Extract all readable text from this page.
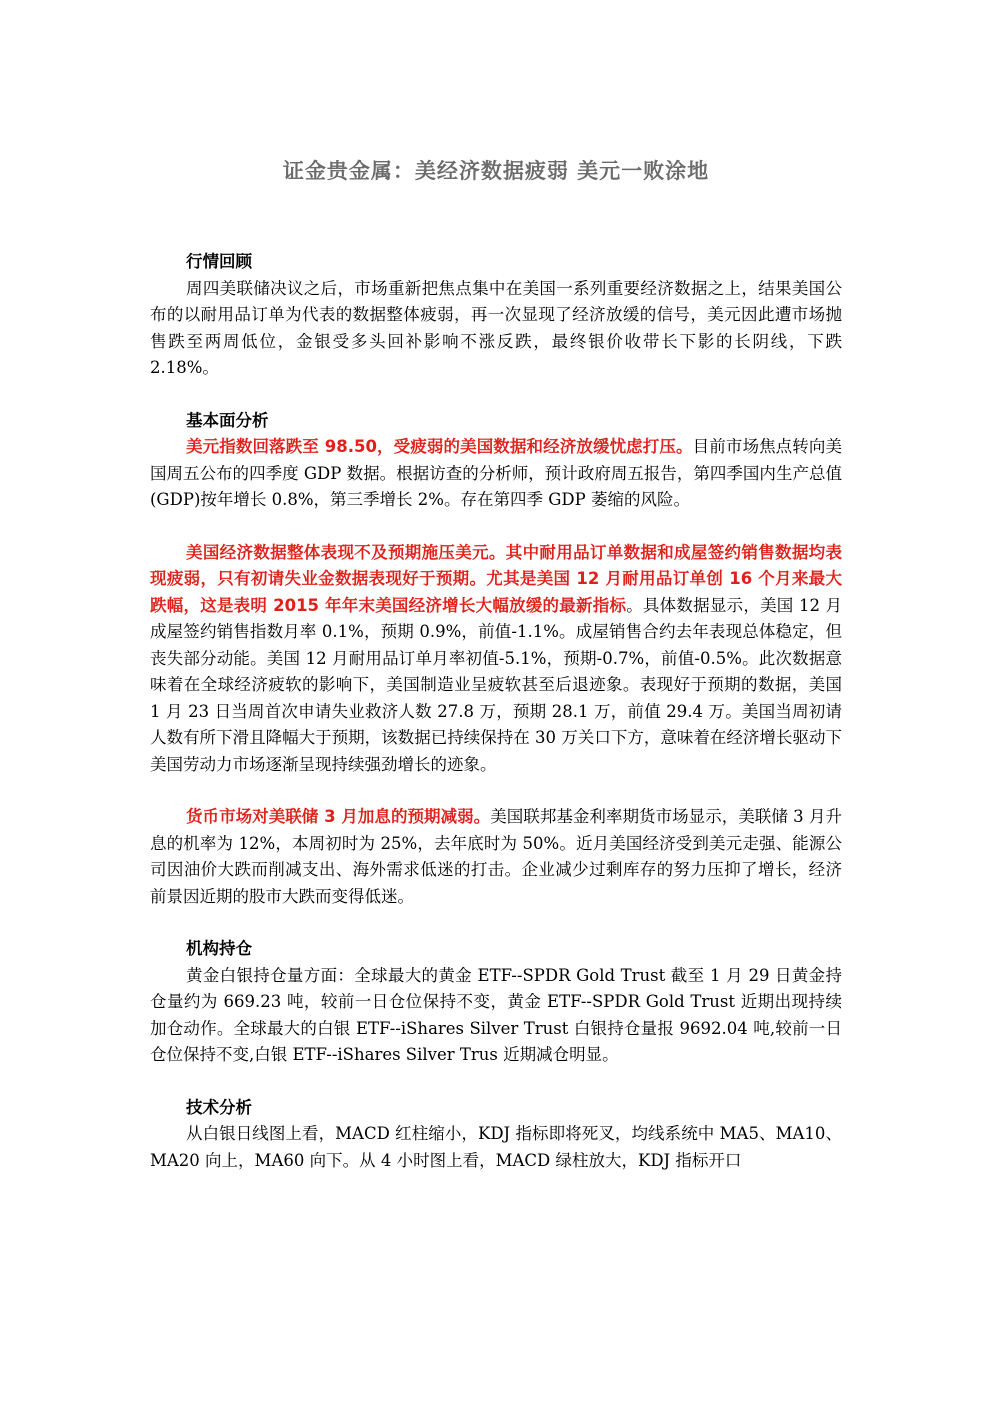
证金贵金属：美经济数据疲弱 美元一败涂地
行情回顾

周四美联储决议之后，市场重新把焦点集中在美国一系列重要经济数据之上，结果美国公布的以耐用品订单为代表的数据整体疲弱，再一次显现了经济放缓的信号，美元因此遭市场抛售跌至两周低位，金银受多头回补影响不涨反跌，最终银价收带长下影的长阴线，下跌 2.18%。

基本面分析

美元指数回落跌至 98.50，受疲弱的美国数据和经济放缓忧虑打压。目前市场焦点转向美国周五公布的四季度 GDP 数据。根据访查的分析师，预计政府周五报告，第四季国内生产总值(GDP)按年增长 0.8%，第三季增长 2%。存在第四季 GDP 萎缩的风险。

美国经济数据整体表现不及预期施压美元。其中耐用品订单数据和成屋签约销售数据均表现疲弱，只有初请失业金数据表现好于预期。尤其是美国 12 月耐用品订单创 16 个月来最大跌幅，这是表明 2015 年年末美国经济增长大幅放缓的最新指标。具体数据显示，美国 12 月成屋签约销售指数月率 0.1%，预期 0.9%，前值-1.1%。成屋销售合约去年表现总体稳定，但丧失部分动能。美国 12 月耐用品订单月率初值-5.1%，预期-0.7%，前值-0.5%。此次数据意味着在全球经济疲软的影响下，美国制造业呈疲软甚至后退迹象。表现好于预期的数据，美国 1 月 23 日当周首次申请失业救济人数 27.8 万，预期 28.1 万，前值 29.4 万。美国当周初请人数有所下滑且降幅大于预期，该数据已持续保持在 30 万关口下方，意味着在经济增长驱动下美国劳动力市场逐渐呈现持续强劲增长的迹象。

货币市场对美联储 3 月加息的预期减弱。美国联邦基金利率期货市场显示，美联储 3 月升息的机率为 12%，本周初时为 25%，去年底时为 50%。近月美国经济受到美元走强、能源公司因油价大跌而削减支出、海外需求低迷的打击。企业减少过剩库存的努力压抑了增长，经济前景因近期的股市大跌而变得低迷。

机构持仓

黄金白银持仓量方面：全球最大的黄金 ETF--SPDR Gold Trust 截至 1 月 29 日黄金持仓量约为 669.23 吨，较前一日仓位保持不变，黄金 ETF--SPDR Gold Trust 近期出现持续加仓动作。全球最大的白银 ETF--iShares Silver Trust 白银持仓量报 9692.04 吨,较前一日仓位保持不变,白银 ETF--iShares Silver Trus 近期减仓明显。

技术分析

从白银日线图上看，MACD 红柱缩小，KDJ 指标即将死叉，均线系统中 MA5、MA10、MA20 向上，MA60 向下。从 4 小时图上看，MACD 绿柱放大，KDJ 指标开口
